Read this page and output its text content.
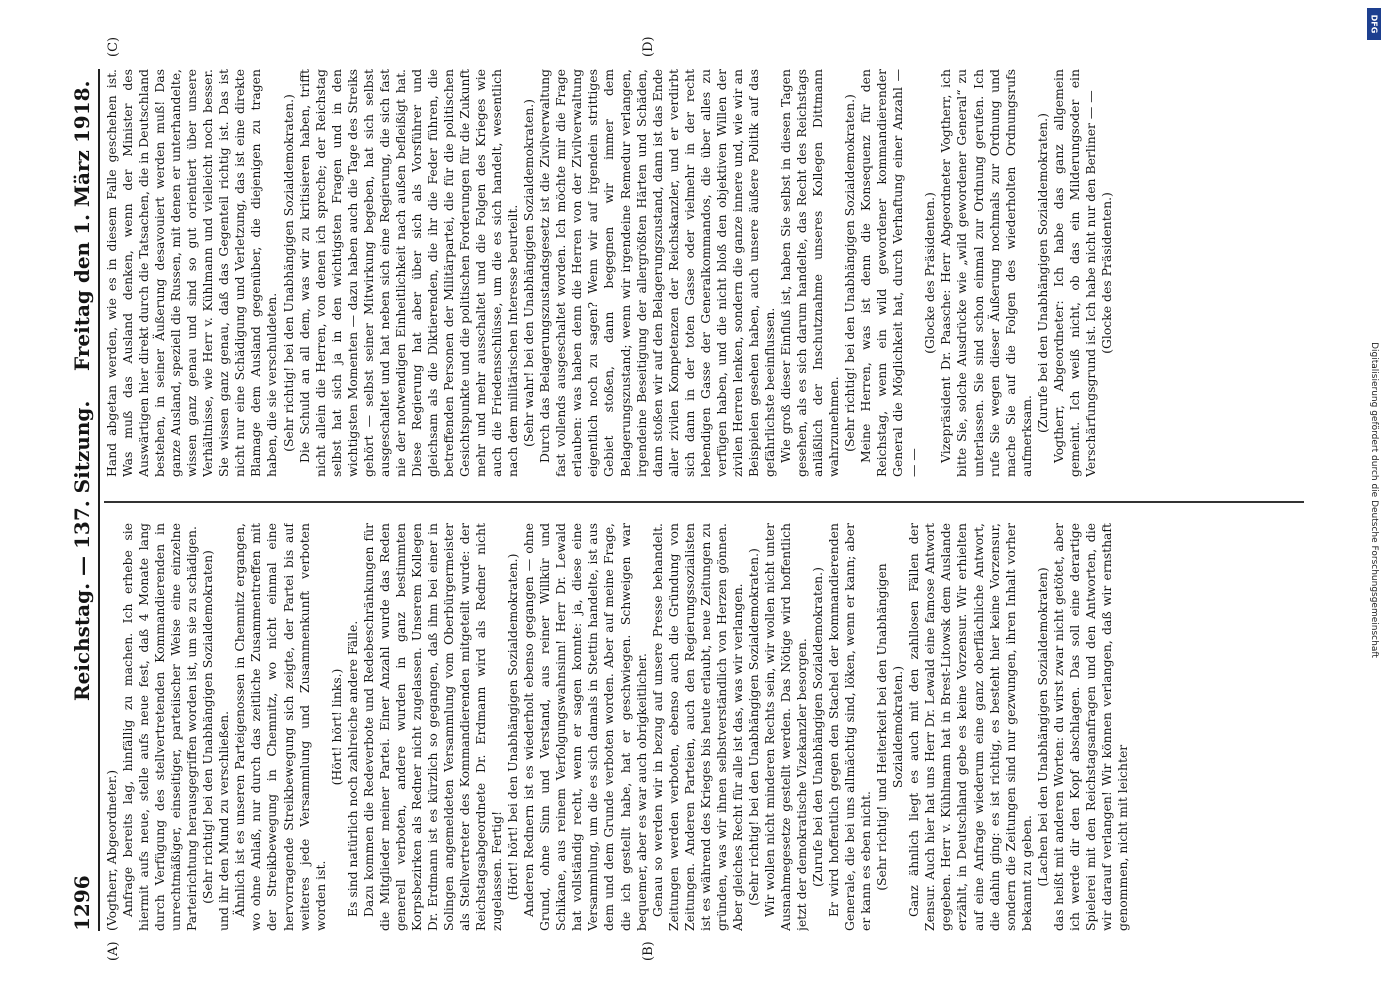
1296
Reichstag. — 137. Sitzung.
Freitag den 1. März 1918.
(A)	(B)
(C)	(D)

(Vogtherr, Abgeordneter.) Anfrage bereits lag, hinfällig zu machen. Ich erhebe sie hiermit aufs neue, stelle aufs neue fest, daß 4 Monate lang durch Verfügung des stellvertretenden Kommandierenden in unrechtmäßiger, einseitiger, parteiischer Weise eine einzelne Parteirichtung herausgegriffen worden ist, um sie zu schädigen. (Sehr richtig! bei den Unabhängigen Sozialdemokraten) und ihr den Mund zu verschließen. Ähnlich ist es unseren Parteigenossen in Chemnitz ergangen, wo ohne Anlaß, nur durch das zeitliche Zusammentreffen mit der Streikbewegung in Chemnitz, wo nicht einmal eine hervorragende Streikbewegung sich zeigte, der Partei bis auf weiteres jede Versammlung und Zusammenkunft verboten worden ist.

(Hört! hört! links.) Es sind natürlich noch zahlreiche andere Fälle. Dazu kommen die Redeverbote und Redebeschränkungen für die Mitglieder meiner Partei. Einer Anzahl wurde das Reden generell verboten, andere wurden in ganz bestimmten Korpsbezirken als Redner nicht zugelassen. Unserem Kollegen Dr. Erdmann ist es kürzlich so gegangen, daß ihm bei einer in Solingen angemeldeten Versammlung vom Oberbürgermeister als Stellvertreter des Kommandierenden mitgeteilt wurde: der Reichstagsabgeordnete Dr. Erdmann wird als Redner nicht zugelassen. Fertig! (Hört! hört! bei den Unabhängigen Sozialdemokraten.) Anderen Rednern ist es wiederholt ebenso gegangen — ohne Grund, ohne Sinn und Verstand, aus reiner Willkür und Schikane, aus reinem Verfolgungswahnsinn! Herr Dr. Lewald hat vollständig recht, wenn er sagen konnte: ja, diese eine Versammlung, um die es sich damals in Stettin handelte, ist aus dem und dem Grunde verboten worden. Aber auf meine Frage, die ich gestellt habe, hat er geschwiegen. Schweigen war bequemer, aber es war auch obrigkeitlicher. Genau so werden wir in bezug auf unsere Presse behandelt. Zeitungen werden verboten, ebenso auch die Gründung von Zeitungen. Anderen Parteien, auch den Regierungssozialisten ist es während des Krieges bis heute erlaubt, neue Zeitungen zu gründen, was wir ihnen selbstverständlich von Herzen gönnen. Aber gleiches Recht für alle ist das, was wir verlangen. (Sehr richtig! bei den Unabhängigen Sozialdemokraten.) Wir wollen nicht minderen Rechts sein, wir wollen nicht unter Ausnahmegesetze gestellt werden. Das Nötige wird hoffentlich jetzt der demokratische Vizekanzler besorgen. (Zurufe bei den Unabhängigen Sozialdemokraten.) Er wird hoffentlich gegen den Stachel der kommandierenden Generale, die bei uns allmächtig sind, löken, wenn er kann; aber er kann es eben nicht. (Sehr richtig! und Heiterkeit bei den Unabhängigen Sozialdemokraten.) Ganz ähnlich liegt es auch mit den zahllosen Fällen der Zensur. Auch hier hat uns Herr Dr. Lewald eine famose Antwort gegeben. Herr v. Kühlmann hat in Brest-Litowsk dem Auslande erzählt, in Deutschland gebe es keine Vorzensur. Wir erhielten auf eine Anfrage wiederum eine ganz oberflächliche Antwort, die dahin ging: es ist richtig, es besteht hier keine Vorzensur, sondern die Zeitungen sind nur gezwungen, ihren Inhalt vorher bekannt zu geben. (Lachen bei den Unabhängigen Sozialdemokraten) das heißt mit anderen Worten: du wirst zwar nicht getötet, aber ich werde dir den Kopf abschlagen. Das soll eine derartige Spielerei mit den Reichstagsanfragen und den Antworten, die wir darauf verlangen! Wir können verlangen, daß wir ernsthaft genommen, nicht mit leichter

Hand abgetan werden, wie es in diesem Falle geschehen ist. Was muß das Ausland denken, wenn der Minister des Auswärtigen hier direkt durch die Tatsachen, die in Deutschland bestehen, in seiner Äußerung desavouiert werden muß! Das ganze Ausland, speziell die Russen, mit denen er unterhandelte, wissen ganz genau und sind so gut orientiert über unsere Verhältnisse, wie Herr v. Kühlmann und vielleicht noch besser. Sie wissen ganz genau, daß das Gegenteil richtig ist. Das ist nicht nur eine Schädigung und Verletzung, das ist eine direkte Blamage dem Ausland gegenüber, die diejenigen zu tragen haben, die sie verschuldeten. (Sehr richtig! bei den Unabhängigen Sozialdemokraten.) Die Schuld an all dem, was wir zu kritisieren haben, trifft nicht allein die Herren, von denen ich spreche; der Reichstag selbst hat sich ja in den wichtigsten Fragen und in den wichtigsten Momenten — dazu haben auch die Tage des Streiks gehört — selbst seiner Mitwirkung begeben, hat sich selbst ausgeschaltet und hat neben sich eine Regierung, die sich fast nie der notwendigen Einheitlichkeit nach außen befleißigt hat. Diese Regierung hat aber über sich als Vorsführer und gleichsam als die Diktierenden, die ihr die Feder führen, die betreffenden Personen der Militärpartei, die für die politischen Gesichtspunkte und die politischen Forderungen für die Zukunft mehr und mehr ausschaltet und die Folgen des Krieges wie auch die Friedensschlüsse, um die es sich handelt, wesentlich nach dem militärischen Interesse beurteilt. (Sehr wahr! bei den Unabhängigen Sozialdemokraten.) Durch das Belagerungszustandsgesetz ist die Zivilverwaltung fast vollends ausgeschaltet worden. Ich möchte mir die Frage erlauben: was haben denn die Herren von der Zivilverwaltung eigentlich noch zu sagen? Wenn wir auf irgendein strittiges Gebiet stoßen, dann begegnen wir immer dem Belagerungszustand; wenn wir irgendeine Remedur verlangen, irgendeine Beseitigung der allergrößten Härten und Schäden, dann stoßen wir auf den Belagerungszustand, dann ist das Ende aller zivilen Kompetenzen der Reichskanzler, und er verdirbt sich dann in der toten Gasse oder vielmehr in der recht lebendigen Gasse der Generalkommandos, die über alles zu verfügen haben, und die nicht bloß den objektiven Willen der zivilen Herren lenken, sondern die ganze innere und, wie wir an Beispielen gesehen haben, auch unsere äußere Politik auf das gefährlichste beeinflussen. Wie groß dieser Einfluß ist, haben Sie selbst in diesen Tagen gesehen, als es sich darum handelte, das Recht des Reichstags anläßlich der Inschutznahme unseres Kollegen Dittmann wahrzunehmen. (Sehr richtig! bei den Unabhängigen Sozialdemokraten.) Meine Herren, was ist denn die Konsequenz für den Reichstag, wenn ein wild gewordener kommandierender General die Möglichkeit hat, durch Verhaftung einer Anzahl — — —

(Glocke des Präsidenten.) Vizepräsident Dr. Paasche: Herr Abgeordneter Vogtherr, ich bitte Sie, solche Ausdrücke wie „wild gewordener General“ zu unterlassen. Sie sind schon einmal zur Ordnung gerufen. Ich rufe Sie wegen dieser Äußerung nochmals zur Ordnung und mache Sie auf die Folgen des wiederholten Ordnungsrufs aufmerksam.

(Zurufe bei den Unabhängigen Sozialdemokraten.) Vogtherr, Abgeordneter: Ich habe das ganz allgemein gemeint. Ich weiß nicht, ob das ein Milderungsoder ein Verschärfungsgrund ist. Ich habe nicht nur den Berliner — — (Glocke des Präsidenten.)

DFG
Digitalisierung gefördert durch die Deutsche Forschungsgemeinschaft
